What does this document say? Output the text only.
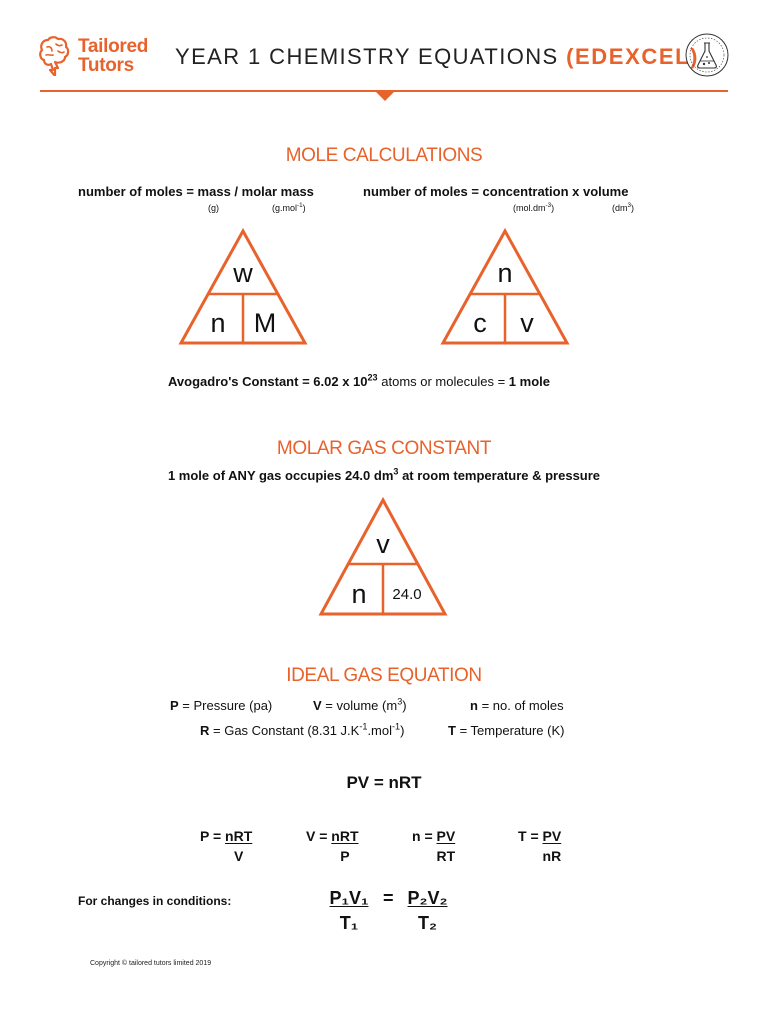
Tailored
Tutors	YEAR 1 CHEMISTRY EQUATIONS (EDEXCEL)
MOLE CALCULATIONS
number of moles = mass / molar mass
(g)	(g.mol$^{-1}$)
number of moles = concentration x volume
$(mol.dm^{-3})$	$(dm^3)$
w
n M
n
c v
Avogadro's Constant = 6.02 x $10^{23}$ atoms or molecules = 1 mole
MOLAR GAS CONSTANT
1 mole of ANY gas occupies 24.0 $dm^3$ at room temperature & pressure
v
n 24.0
IDEAL GAS EQUATION
P = Pressure (pa)	V = volume $(m^3)$	n = no. of moles
R = Gas Constant (8.31 $J.K^{-1}.mol^{-1}$)	T = Temperature (K)
PV = nRT
$P = \frac{\text{nRT}}{V}$	$V = \frac{\text{nRT}}{P}$	$n = \frac{PV}{RT}$	$T = \frac{PV}{nR}$
For changes in conditions:	$\frac{\text{P₁V₁}}{\text{T₁}} = \frac{\text{P₂V₂}}{\text{T₂}}$
Copyright © tailored tutors limited 2019
